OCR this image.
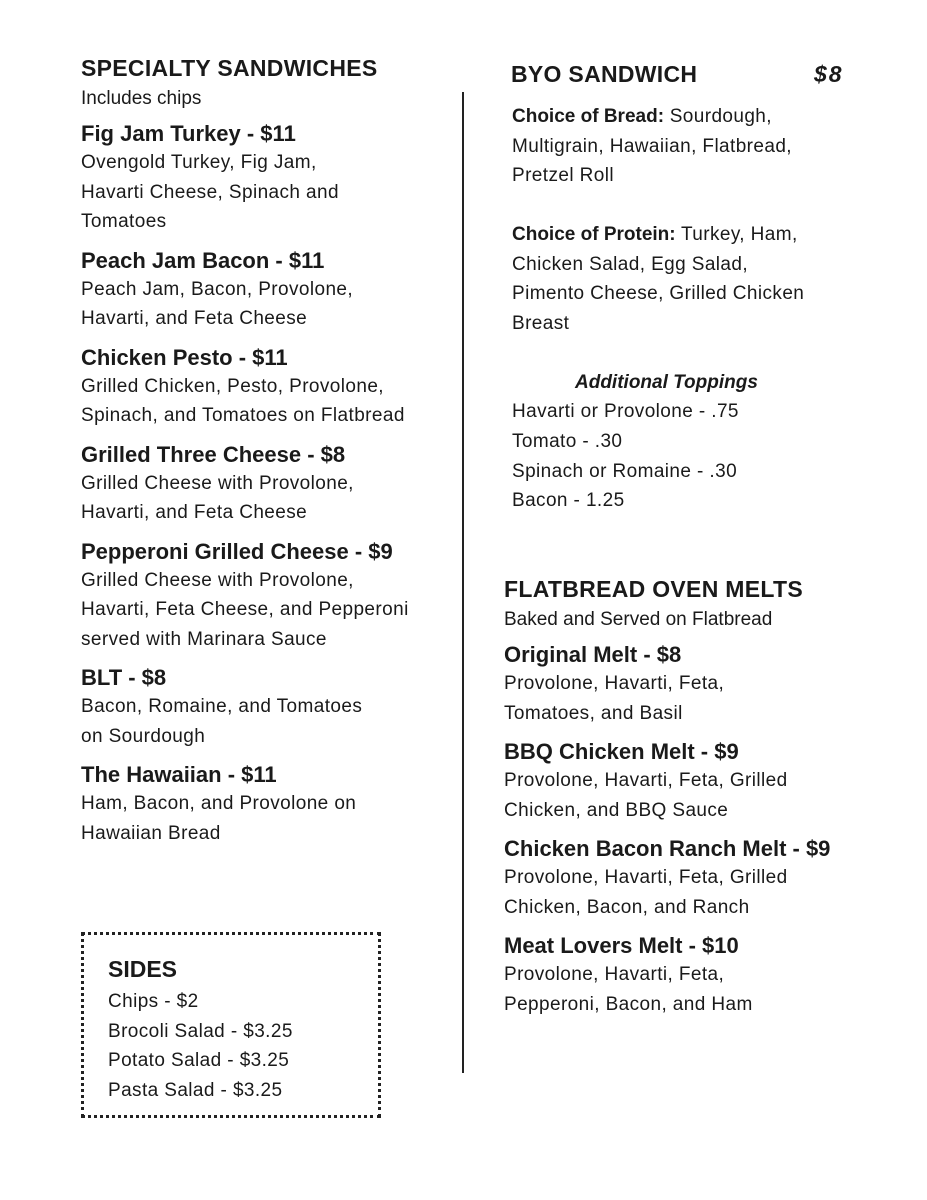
SPECIALTY SANDWICHES

Includes chips

Fig Jam Turkey - $11

Ovengold Turkey, Fig Jam,

Havarti Cheese, Spinach and

Tomatoes

Peach Jam Bacon - $11

Peach Jam, Bacon, Provolone,

Havarti, and Feta Cheese

Chicken Pesto - $11

Grilled Chicken, Pesto, Provolone,

Spinach, and Tomatoes on Flatbread

Grilled Three Cheese - $8

Grilled Cheese with Provolone,

Havarti, and Feta Cheese

Pepperoni Grilled Cheese - $9

Grilled Cheese with Provolone,

Havarti, Feta Cheese, and Pepperoni

served with Marinara Sauce

BLT - $8

Bacon, Romaine, and Tomatoes

on Sourdough

The Hawaiian - $11

Ham, Bacon, and Provolone on

Hawaiian Bread

SIDES
Chips - $2
Brocoli Salad - $3.25
Potato Salad - $3.25
Pasta Salad - $3.25
BYO SANDWICH	$8

Choice of Bread: Sourdough,
Multigrain, Hawaiian, Flatbread,
Pretzel Roll
Choice of Protein: Turkey, Ham,
Chicken Salad, Egg Salad,
Pimento Cheese, Grilled Chicken
Breast

Additional Toppings

Havarti or Provolone - .75
Tomato - .30
Spinach or Romaine - .30
Bacon - 1.25
FLATBREAD OVEN MELTS

Baked and Served on Flatbread

Original Melt - $8

Provolone, Havarti, Feta,

Tomatoes, and Basil

BBQ Chicken Melt - $9

Provolone, Havarti, Feta, Grilled

Chicken, and BBQ Sauce

Chicken Bacon Ranch Melt - $9

Provolone, Havarti, Feta, Grilled

Chicken, Bacon, and Ranch

Meat Lovers Melt - $10

Provolone, Havarti, Feta,

Pepperoni, Bacon, and Ham
